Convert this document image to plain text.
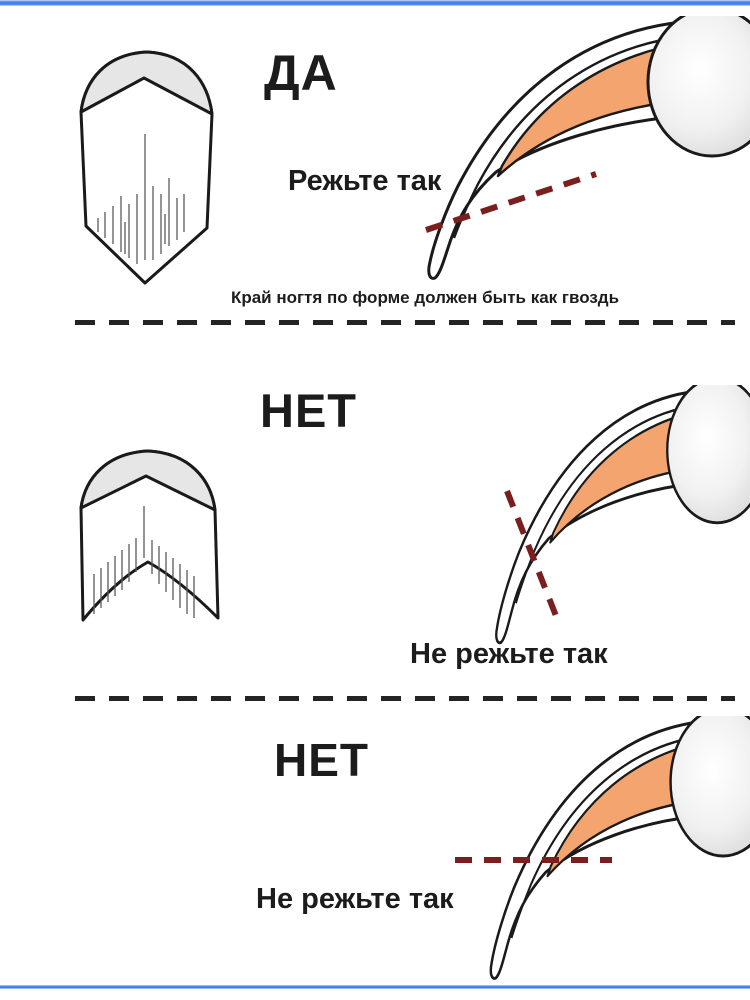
ДА
Режьте так
Край ногтя по форме должен быть как гвоздь
НЕТ
Не режьте так
НЕТ
Не режьте так
